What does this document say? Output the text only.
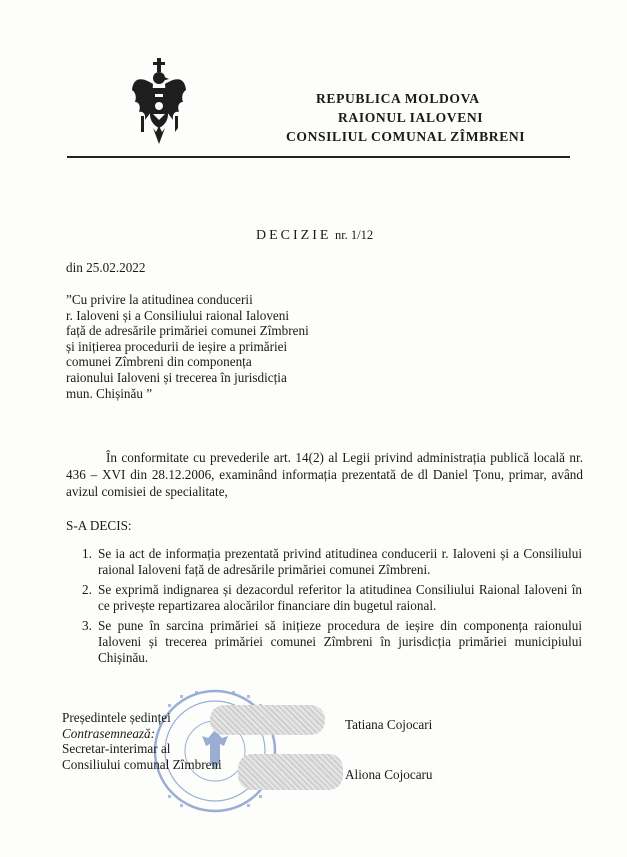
REPUBLICA MOLDOVA
RAIONUL IALOVENI
CONSILIUL COMUNAL ZÎMBRENI
DECIZIE nr. 1/12
din 25.02.2022
”Cu privire la atitudinea conducerii
r. Ialoveni și a Consiliului raional Ialoveni
față de adresările primăriei comunei Zîmbreni
și inițierea procedurii de ieșire a primăriei
comunei Zîmbreni din componența
raionului Ialoveni și trecerea în jurisdicția
mun. Chișinău ”
În conformitate cu prevederile art. 14(2) al Legii privind administrația publică locală nr. 436 – XVI din 28.12.2006, examinând informația prezentată de dl Daniel Țonu, primar, având avizul comisiei de specialitate,
S-A DECIS:
1. Se ia act de informația prezentată privind atitudinea conducerii r. Ialoveni și a Consiliului raional Ialoveni față de adresările primăriei comunei Zîmbreni.
2. Se exprimă indignarea și dezacordul referitor la atitudinea Consiliului Raional Ialoveni în ce privește repartizarea alocărilor financiare din bugetul raional.
3. Se pune în sarcina primăriei să inițieze procedura de ieșire din componența raionului Ialoveni și trecerea primăriei comunei Zîmbreni în jurisdicția primăriei municipiului Chișinău.
Președintele ședinței
Contrasemnează:
Secretar-interimar al
Consiliului comunal Zîmbreni
Tatiana Cojocari
Aliona Cojocaru
